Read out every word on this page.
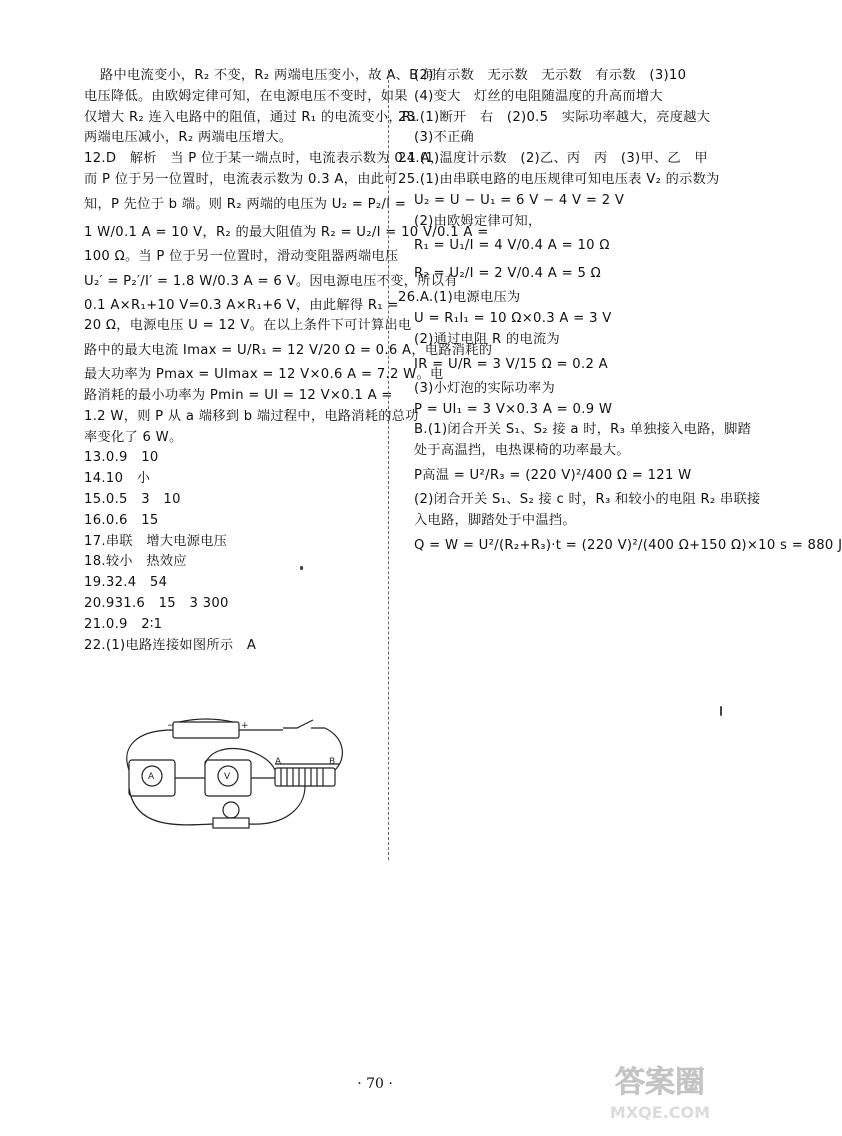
路中电流变小，R₂ 不变，R₂ 两端电压变小，故 A、B 间
电压降低。由欧姆定律可知，在电源电压不变时，如果
仅增大 R₂ 连入电路中的阻值，通过 R₁ 的电流变小，R₁
两端电压减小，R₂ 两端电压增大。
12.D　解析　当 P 位于某一端点时，电流表示数为 0.1 A，
而 P 位于另一位置时，电流表示数为 0.3 A，由此可
知，P 先位于 b 端。则 R₂ 两端的电压为 U₂ = P₂/I =
1 W/0.1 A = 10 V，R₂ 的最大阻值为 R₂ = U₂/I = 10 V/0.1 A =
100 Ω。当 P 位于另一位置时，滑动变阻器两端电压
U₂′ = P₂′/I′ = 1.8 W/0.3 A = 6 V。因电源电压不变，所以有
0.1 A×R₁+10 V=0.3 A×R₁+6 V，由此解得 R₁ =
20 Ω，电源电压 U = 12 V。在以上条件下可计算出电
路中的最大电流 Imax = U/R₁ = 12 V/20 Ω = 0.6 A，电路消耗的
最大功率为 Pmax = UImax = 12 V×0.6 A = 7.2 W。电
路消耗的最小功率为 Pmin = UI = 12 V×0.1 A =
1.2 W，则 P 从 a 端移到 b 端过程中，电路消耗的总功
率变化了 6 W。
13.0.9　10
14.10　小
15.0.5　3　10
16.0.6　15
17.串联　增大电源电压
18.较小　热效应
19.32.4　54
20.931.6　15　3 300
21.0.9　2∶1
22.(1)电路连接如图所示　A
(2)有示数　无示数　无示数　有示数　(3)10
(4)变大　灯丝的电阻随温度的升高而增大
23.(1)断开　右　(2)0.5　实际功率越大，亮度越大
(3)不正确
24.(1)温度计示数　(2)乙、丙　丙　(3)甲、乙　甲
25.(1)由串联电路的电压规律可知电压表 V₂ 的示数为
U₂ = U − U₁ = 6 V − 4 V = 2 V
(2)由欧姆定律可知，
R₁ = U₁/I = 4 V/0.4 A = 10 Ω
R₂ = U₂/I = 2 V/0.4 A = 5 Ω
26.A.(1)电源电压为
U = R₁I₁ = 10 Ω×0.3 A = 3 V
(2)通过电阻 R 的电流为
IR = U/R = 3 V/15 Ω = 0.2 A
(3)小灯泡的实际功率为
P = UI₁ = 3 V×0.3 A = 0.9 W
B.(1)闭合开关 S₁、S₂ 接 a 时，R₃ 单独接入电路，脚踏
处于高温挡，电热课椅的功率最大。
P高温 = U²/R₃ = (220 V)²/400 Ω = 121 W
(2)闭合开关 S₁、S₂ 接 c 时，R₃ 和较小的电阻 R₂ 串联接
入电路，脚踏处于中温挡。
Q = W = U²/(R₂+R₃)·t = (220 V)²/(400 Ω+150 Ω)×10 s = 880 J
A	V
A	B
−	+
· 70 ·	答案圈
MXQE.COM
